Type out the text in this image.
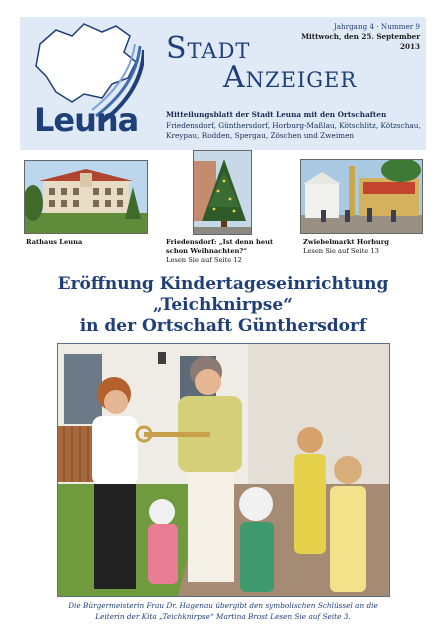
Leuna
Jahrgang 4 · Nummer 9
Mittwoch, den 25. September 2013
Stadt
Anzeiger
Mitteilungsblatt der Stadt Leuna mit den Ortschaften
Friedensdorf, Günthersdorf, Horburg-Maßlau, Kötschlitz, Kötzschau, Kreypau, Rodden, Spergau, Zöschen und Zweimen
Rathaus Leuna	Friedensdorf: „Ist denn heut schon Weihnachten?“
Lesen Sie auf Seite 12
Zwiebelmarkt Horburg
Lesen Sie auf Seite 13
Eröffnung Kindertageseinrichtung
„Teichknirpse“
in der Ortschaft Günthersdorf
Die Bürgermeisterin Frau Dr. Hagenau übergibt den symbolischen Schlüssel an die
Leiterin der Kita „Teichknirpse“ Martina Brost Lesen Sie auf Seite 3.
